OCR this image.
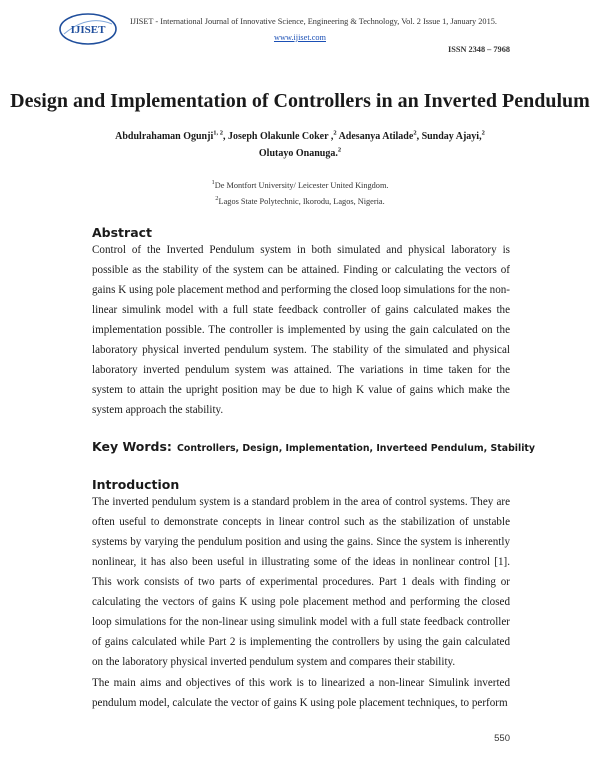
IJISET
IJISET - International Journal of Innovative Science, Engineering & Technology, Vol. 2 Issue 1, January 2015.
www.ijiset.com
ISSN 2348 – 7968
Design and Implementation of Controllers in an Inverted Pendulum
Abdulrahaman Ogunji$^{1, 2}$, Joseph Olakunle Coker ,$^2$ Adesanya Atilade$^2$, Sunday Ajayi,$^2$
Olutayo Onanuga.$^2$
$^1$De Montfort University/ Leicester United Kingdom.
$^2$Lagos State Polytechnic, Ikorodu, Lagos, Nigeria.
Abstract
Control of the Inverted Pendulum system in both simulated and physical laboratory is possible as the stability of the system can be attained. Finding or calculating the vectors of gains K using pole placement method and performing the closed loop simulations for the non-linear simulink model with a full state feedback controller of gains calculated makes the implementation possible. The controller is implemented by using the gain calculated on the laboratory physical inverted pendulum system. The stability of the simulated and physical laboratory inverted pendulum system was attained. The variations in time taken for the system to attain the upright position may be due to high K value of gains which make the system approach the stability.
Key Words: Controllers, Design, Implementation, Inverteed Pendulum, Stability
Introduction
The inverted pendulum system is a standard problem in the area of control systems. They are often useful to demonstrate concepts in linear control such as the stabilization of unstable systems by varying the pendulum position and using the gains. Since the system is inherently nonlinear, it has also been useful in illustrating some of the ideas in nonlinear control [1]. This work consists of two parts of experimental procedures. Part 1 deals with finding or calculating the vectors of gains K using pole placement method and performing the closed loop simulations for the non-linear using simulink model with a full state feedback controller of gains calculated while Part 2 is implementing the controllers by using the gain calculated on the laboratory physical inverted pendulum system and compares their stability.
The main aims and objectives of this work is to linearized a non-linear Simulink inverted pendulum model, calculate the vector of gains K using pole placement techniques, to perform
550
